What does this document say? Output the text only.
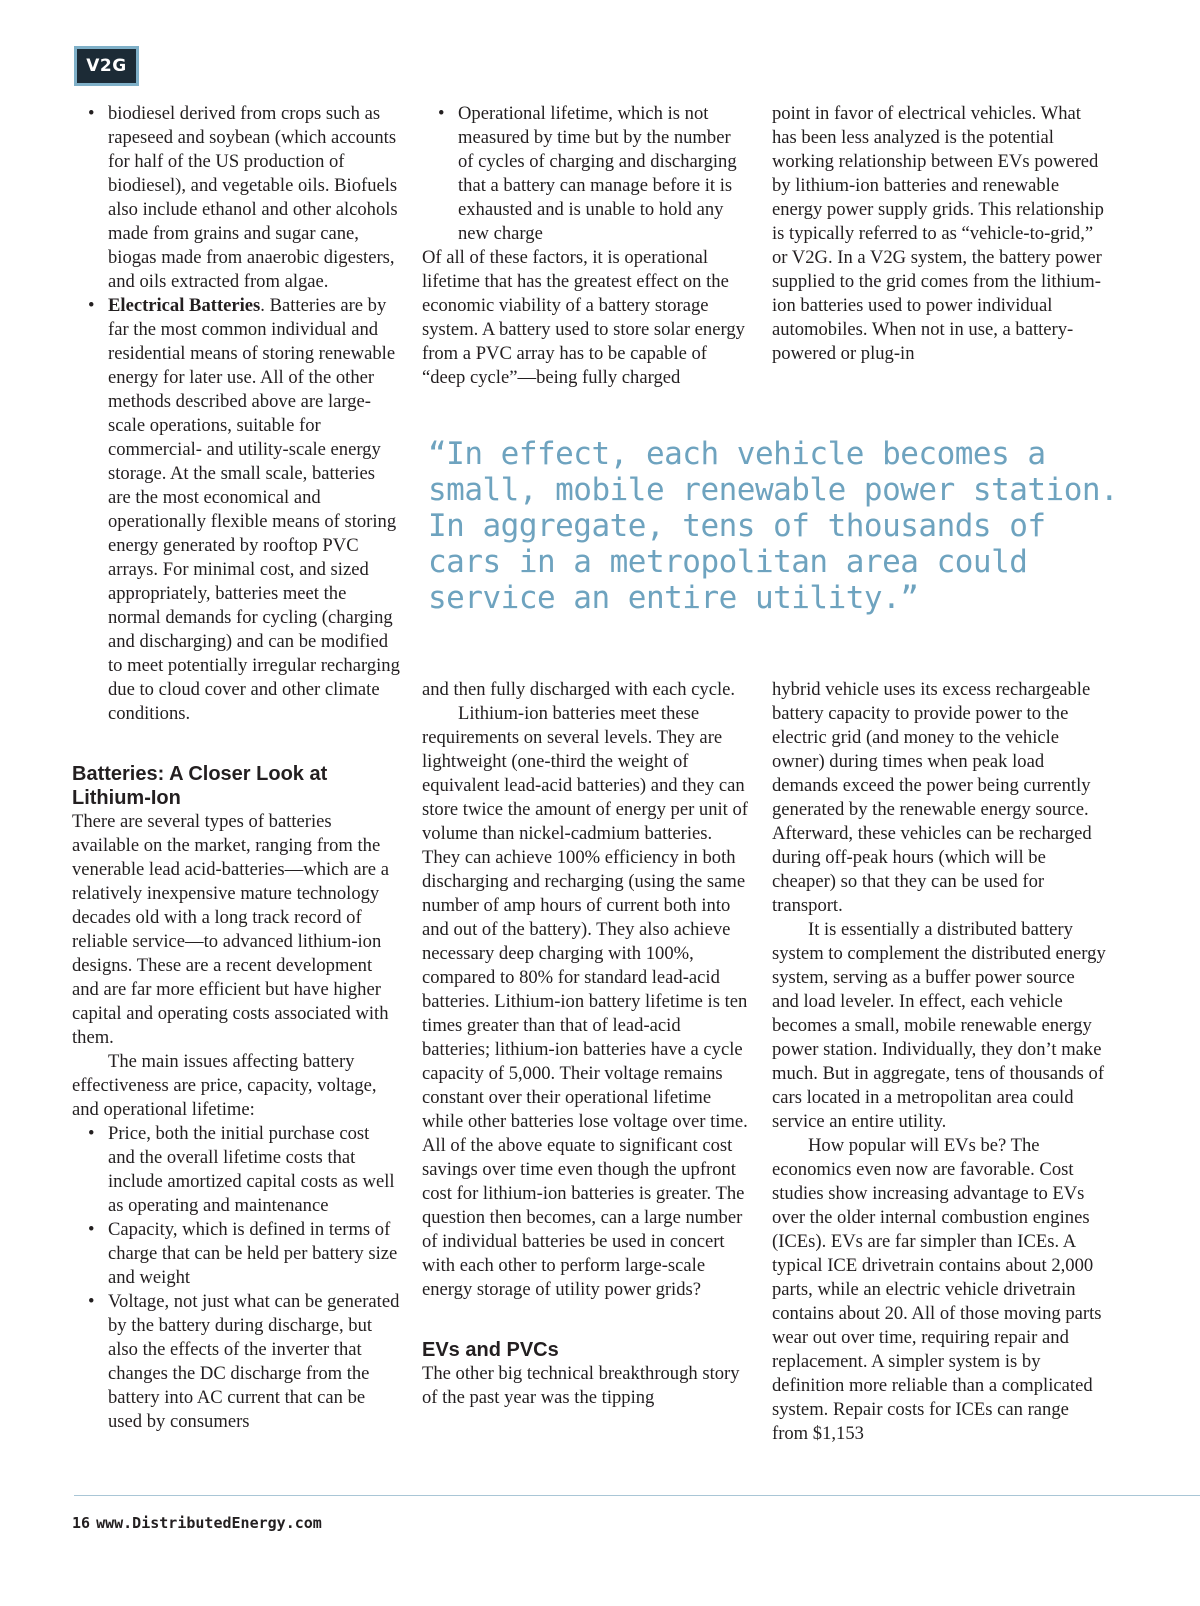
V2G
• biodiesel derived from crops such as rapeseed and soybean (which accounts for half of the US production of biodiesel), and vegetable oils. Biofuels also include ethanol and other alcohols made from grains and sugar cane, biogas made from anaerobic digesters, and oils extracted from algae.
• Electrical Batteries. Batteries are by far the most common individual and residential means of storing renewable energy for later use. All of the other methods described above are large-scale operations, suitable for commercial- and utility-scale energy storage. At the small scale, batteries are the most economical and operationally flexible means of storing energy generated by rooftop PVC arrays. For minimal cost, and sized appropriately, batteries meet the normal demands for cycling (charging and discharging) and can be modified to meet potentially irregular recharging due to cloud cover and other climate conditions.
Batteries: A Closer Look at Lithium-Ion

There are several types of batteries available on the market, ranging from the venerable lead acid-batteries—which are a relatively inexpensive mature technology decades old with a long track record of reliable service—to advanced lithium-ion designs. These are a recent development and are far more efficient but have higher capital and operating costs associated with them.

The main issues affecting battery effectiveness are price, capacity, voltage, and operational lifetime:

• Price, both the initial purchase cost and the overall lifetime costs that include amortized capital costs as well as operating and maintenance
• Capacity, which is defined in terms of charge that can be held per battery size and weight
• Voltage, not just what can be generated by the battery during discharge, but also the effects of the inverter that changes the DC discharge from the battery into AC current that can be used by consumers
• Operational lifetime, which is not measured by time but by the number of cycles of charging and discharging that a battery can manage before it is exhausted and is unable to hold any new charge

Of all of these factors, it is operational lifetime that has the greatest effect on the economic viability of a battery storage system. A battery used to store solar energy from a PVC array has to be capable of “deep cycle”—being fully charged

point in favor of electrical vehicles. What has been less analyzed is the potential working relationship between EVs powered by lithium-ion batteries and renewable energy power supply grids. This relationship is typically referred to as “vehicle-to-grid,” or V2G. In a V2G system, the battery power supplied to the grid comes from the lithium-ion batteries used to power individual automobiles. When not in use, a battery-powered or plug-in

“In effect, each vehicle becomes a small, mobile renewable power station. In aggregate, tens of thousands of cars in a metropolitan area could service an entire utility.”

and then fully discharged with each cycle.

Lithium-ion batteries meet these requirements on several levels. They are lightweight (one-third the weight of equivalent lead-acid batteries) and they can store twice the amount of energy per unit of volume than nickel-cadmium batteries. They can achieve 100% efficiency in both discharging and recharging (using the same number of amp hours of current both into and out of the battery). They also achieve necessary deep charging with 100%, compared to 80% for standard lead-acid batteries. Lithium-ion battery lifetime is ten times greater than that of lead-acid batteries; lithium-ion batteries have a cycle capacity of 5,000. Their voltage remains constant over their operational lifetime while other batteries lose voltage over time. All of the above equate to significant cost savings over time even though the upfront cost for lithium-ion batteries is greater. The question then becomes, can a large number of individual batteries be used in concert with each other to perform large-scale energy storage of utility power grids?

EVs and PVCs

The other big technical breakthrough story of the past year was the tipping

hybrid vehicle uses its excess rechargeable battery capacity to provide power to the electric grid (and money to the vehicle owner) during times when peak load demands exceed the power being currently generated by the renewable energy source. Afterward, these vehicles can be recharged during off-peak hours (which will be cheaper) so that they can be used for transport.

It is essentially a distributed battery system to complement the distributed energy system, serving as a buffer power source and load leveler. In effect, each vehicle becomes a small, mobile renewable energy power station. Individually, they don’t make much. But in aggregate, tens of thousands of cars located in a metropolitan area could service an entire utility.

How popular will EVs be? The economics even now are favorable. Cost studies show increasing advantage to EVs over the older internal combustion engines (ICEs). EVs are far simpler than ICEs. A typical ICE drivetrain contains about 2,000 parts, while an electric vehicle drivetrain contains about 20. All of those moving parts wear out over time, requiring repair and replacement. A simpler system is by definition more reliable than a complicated system. Repair costs for ICEs can range from $1,153

16 www.DistributedEnergy.com
